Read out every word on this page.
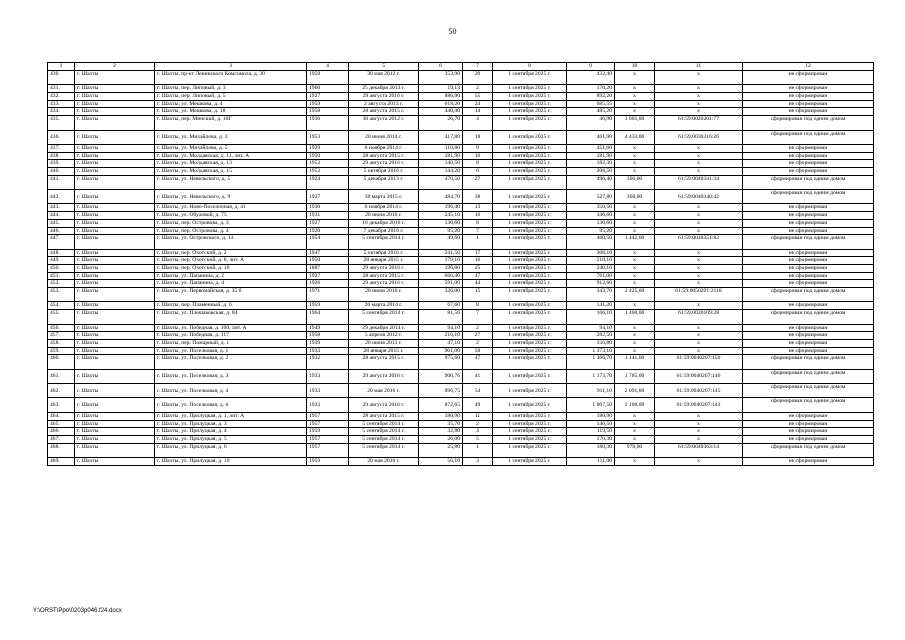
50
1	2	3	4	5	6	7	8	9	10	11	12
430.	г. Шахты	г. Шахты, пр-кт Ленинского Комсомола, д. 30	1959	30 мая 2012 г.	353,90	20	1 сентября 2025 г.	432,40	x	x	не сформирован
431.	г. Шахты	г. Шахты, пер. Липовый, д. 3	1960	25 декабря 2013 г.	19,13	2	1 сентября 2025 г.	170,20	x	x	не сформирован
432.	г. Шахты	г. Шахты, пер. Липовый, д. 5	1927	29 августа 2016 г.	886,90	55	1 сентября 2025 г.	892,20	x	x	не сформирован
433.	г. Шахты	г. Шахты, ул. Мешкова, д. 4	1959	2 августа 2013 г.	618,20	24	1 сентября 2025 г.	685,55	x	x	не сформирован
434.	г. Шахты	г. Шахты, ул. Мешкова, д. 18	1958	28 августа 2015 г.	440,40	14	1 сентября 2025 г.	485,20	x	x	не сформирован
435.	г. Шахты	г. Шахты, пер. Минский, д. 18Г	1936	30 августа 2012 г.	26,70	4	1 сентября 2025 г.	46,90	1 001,00	61:59:0020201:77	сформирован под одним домом
436.	г. Шахты	г. Шахты, ул. Михайлова, д. 3	1953	20 июня 2014 г.	417,80	18	1 сентября 2025 г.	461,90	4 433,00	61:59:0030316:26	сформирован под одним домом
437.	г. Шахты	г. Шахты, ул. Михайлова, д. 5	1929	6 ноября 2014 г.	110,80	9	1 сентября 2025 г.	451,60	x	x	не сформирован
438.	г. Шахты	г. Шахты, ул. Молдавская, д. 11, лит. А	1950	28 августа 2015 г.	181,90	10	1 сентября 2025 г.	181,90	x	x	не сформирован
439.	г. Шахты	г. Шахты, ул. Молдавская, д. 13	1953	29 августа 2016 г.	140,50	8	1 сентября 2025 г.	182,30	x	x	не сформирован
440.	г. Шахты	г. Шахты, ул. Молдавская, д. 15	1953	5 октября 2016 г.	144,20	6	1 сентября 2025 г.	208,50	x	x	не сформирован
441.	г. Шахты	г. Шахты, ул. Невельского, д. 5	1924	5 декабря 2013 г.	470,50	27	1 сентября 2025 г.	496,40	366,00	61:59:0040341:34	сформирован под одним домом
442.	г. Шахты	г. Шахты, ул. Невельского, д. 9	1927	18 марта 2015 г.	484,70	38	1 сентября 2025 г.	527,80	368,00	61:59:0040340:42	сформирован под одним домом
443.	г. Шахты	г. Шахты, ул. Ново-Поселочная, д. 41	1930	6 ноября 2014 г.	196,40	13	1 сентября 2025 г.	356,50	x	x	не сформирован
444.	г. Шахты	г. Шахты, ул. Обуховой, д. 75	1931	20 июня 2016 г.	245,10	16	1 сентября 2025 г.	346,60	x	x	не сформирован
445.	г. Шахты	г. Шахты, пер. Островова, д. 3	1927	16 декабря 2016 г.	130,60	8	1 сентября 2025 г.	130,60	x	x	не сформирован
446.	г. Шахты	г. Шахты, пер. Островова, д. 4	1920	7 декабря 2016 г.	95,20	7	1 сентября 2025 г.	95,20	x	x	не сформирован
447.	г. Шахты	г. Шахты, ул. Островского, д. 13	1954	5 сентября 2014 г.	49,60	1	1 сентября 2025 г.	460,50	1 442,00	61:59:0040351:82	сформирован под одним домом
448.	г. Шахты	г. Шахты, пер. Охотский, д. 2	1947	5 октября 2016 г.	241,50	17	1 сентября 2025 г.	308,10	x	x	не сформирован
449.	г. Шахты	г. Шахты, пер. Охотский, д. 8, лит. А	1950	28 января 2015 г.	179,10	16	1 сентября 2025 г.	218,10	x	x	не сформирован
450.	г. Шахты	г. Шахты, пер. Охотский, д. 10	1887	29 августа 2016 г.	196,80	25	1 сентября 2025 г.	240,10	x	x	не сформирован
451.	г. Шахты	г. Шахты, ул. Папанина, д. 2	1927	28 августа 2015 г.	666,40	47	1 сентября 2025 г.	761,00	x	x	не сформирован
452.	г. Шахты	г. Шахты, ул. Папанина, д. 4	1926	29 августа 2016 г.	591,00	44	1 сентября 2025 г.	912,60	x	x	не сформирован
453.	г. Шахты	г. Шахты, ул. Первомайская, д. 35 б	1971	20 июня 2016 г.	326,00	15	1 сентября 2025 г.	343,70	2 425,00	61:59:0050201:2118	сформирован под одним домом
454.	г. Шахты	г. Шахты, пер. Пламенный, д. 6	1959	26 марта 2014 г.	67,60	8	1 сентября 2025 г.	141,20	x	x	не сформирован
455.	г. Шахты	г. Шахты, ул. Плешаковская, д. 84	1964	5 сентября 2014 г.	81,56	7	1 сентября 2025 г.	166,10	1 400,00	61:59:0020109:28	сформирован под одним домом
456.	г. Шахты	г. Шахты, ул. Победная, д. 100, лит. А	1949	29 декабря 2014 г.	94,10	2	1 сентября 2025 г.	94,10	x	x	не сформирован
457.	г. Шахты	г. Шахты, ул. Победная, д. 117	1958	5 апреля 2012 г.	216,10	27	1 сентября 2025 г.	282,50	x	x	не сформирован
458.	г. Шахты	г. Шахты, пер. Пожарный, д. 1	1939	20 июня 2013 г.	47,10	2	1 сентября 2025 г.	156,80	x	x	не сформирован
459.	г. Шахты	г. Шахты, ул. Поселковая, д. 1	1933	28 января 2015 г.	901,00	50	1 сентября 2025 г.	1 373,10	x	x	не сформирован
460.	г. Шахты	г. Шахты, ул. Поселковая, д. 2	1932	28 августа 2015 г.	975,60	47	1 сентября 2025 г.	1 366,70	1 141,00	61:59:0040207:150	сформирован под одним домом
461.	г. Шахты	г. Шахты, ул. Поселковая, д. 3	1933	29 августа 2016 г.	900,76	41	1 сентября 2025 г.	1 173,70	1 785,00	61:59:0040207:146	сформирован под одним домом
462.	г. Шахты	г. Шахты, ул. Поселковая, д. 4	1933	20 мая 2016 г.	896,75	54	1 сентября 2025 г.	911,10	2 091,00	61:59:0040207:145	сформирован под одним домом
463.	г. Шахты	г. Шахты, ул. Поселковая, д. 6	1933	29 августа 2016 г.	872,65	49	1 сентября 2025 г.	1 007,50	2 108,00	61:59:0040207:143	сформирован под одним домом
464.	г. Шахты	г. Шахты, ул. Прилуцкая, д. 1, лит. А	1957	28 августа 2015 г.	186,90	11	1 сентября 2025 г.	186,90	x	x	не сформирован
465.	г. Шахты	г. Шахты, ул. Прилуцкая, д. 3	1957	5 сентября 2014 г.	35,70	2	1 сентября 2025 г.	146,50	x	x	не сформирован
466.	г. Шахты	г. Шахты, ул. Прилуцкая, д. 4	1959	5 сентября 2014 г.	32,80	4	1 сентября 2025 г.	119,50	x	x	не сформирован
467.	г. Шахты	г. Шахты, ул. Прилуцкая, д. 5	1957	5 сентября 2014 г.	26,00	5	1 сентября 2025 г.	170,30	x	x	не сформирован
468.	г. Шахты	г. Шахты, ул. Прилуцкая, д. 6	1957	5 сентября 2014 г.	25,80	1	1 сентября 2025 г.	180,30	978,00	61:59:0040363:14	сформирован под одним домом
469.	г. Шахты	г. Шахты, ул. Прилуцкая, д. 19	1959	20 мая 2016 г.	56,10	3	1 сентября 2025 г.	111,00	x	x	не сформирован
Y:\ORST\Ppo\0203p046.f24.docx
